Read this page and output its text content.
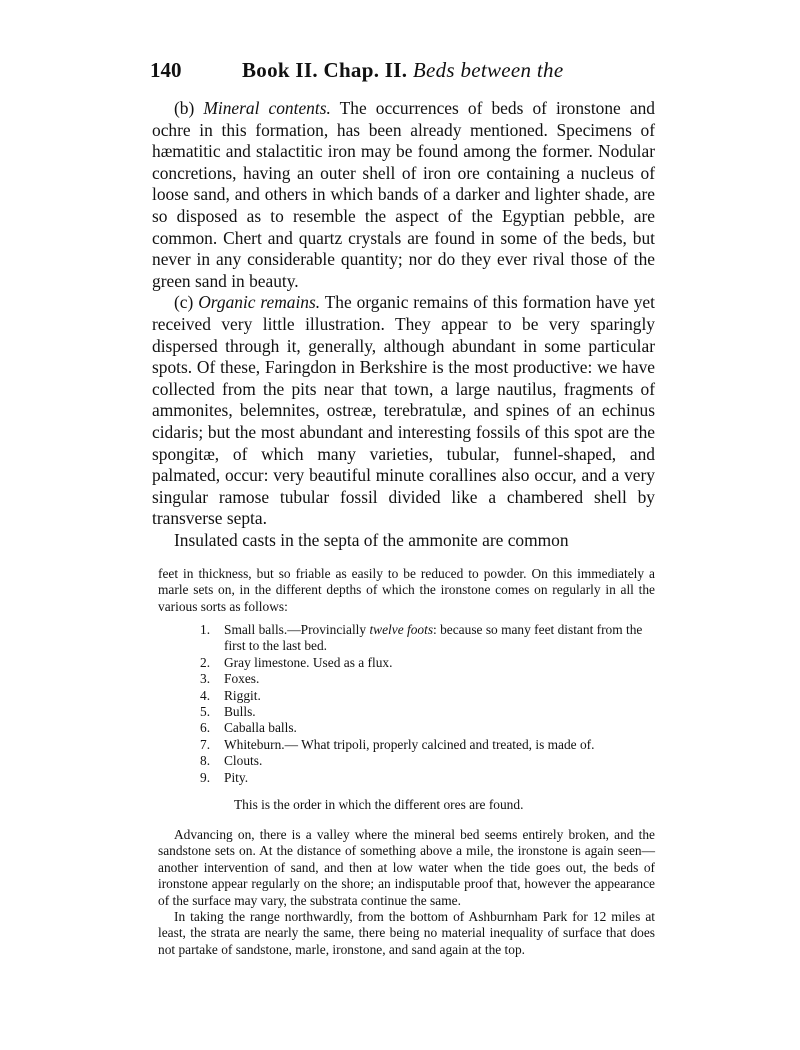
140	Book II. Chap. II. Beds between the

(b) Mineral contents. The occurrences of beds of ironstone and ochre in this formation, has been already mentioned. Specimens of hæmatitic and stalactitic iron may be found among the former. Nodular concretions, having an outer shell of iron ore containing a nucleus of loose sand, and others in which bands of a darker and lighter shade, are so disposed as to resemble the aspect of the Egyptian pebble, are common. Chert and quartz crystals are found in some of the beds, but never in any considerable quantity; nor do they ever rival those of the green sand in beauty.

(c) Organic remains. The organic remains of this formation have yet received very little illustration. They appear to be very sparingly dispersed through it, generally, although abundant in some particular spots. Of these, Faringdon in Berkshire is the most productive: we have collected from the pits near that town, a large nautilus, fragments of ammonites, belemnites, ostreæ, terebratulæ, and spines of an echinus cidaris; but the most abundant and interesting fossils of this spot are the spongitæ, of which many varieties, tubular, funnel-shaped, and palmated, occur: very beautiful minute corallines also occur, and a very singular ramose tubular fossil divided like a chambered shell by transverse septa.

Insulated casts in the septa of the ammonite are common

feet in thickness, but so friable as easily to be reduced to powder. On this immediately a marle sets on, in the different depths of which the ironstone comes on regularly in all the various sorts as follows:

1. Small balls.—Provincially twelve foots: because so many feet distant from the first to the last bed.
2. Gray limestone. Used as a flux.
3. Foxes.
4. Riggit.
5. Bulls.
6. Caballa balls.
7. Whiteburn.— What tripoli, properly calcined and treated, is made of.
8. Clouts.
9. Pity.
This is the order in which the different ores are found.

Advancing on, there is a valley where the mineral bed seems entirely broken, and the sandstone sets on. At the distance of something above a mile, the ironstone is again seen—another intervention of sand, and then at low water when the tide goes out, the beds of ironstone appear regularly on the shore; an indisputable proof that, however the appearance of the surface may vary, the substrata continue the same.

In taking the range northwardly, from the bottom of Ashburnham Park for 12 miles at least, the strata are nearly the same, there being no material inequality of surface that does not partake of sandstone, marle, ironstone, and sand again at the top.
